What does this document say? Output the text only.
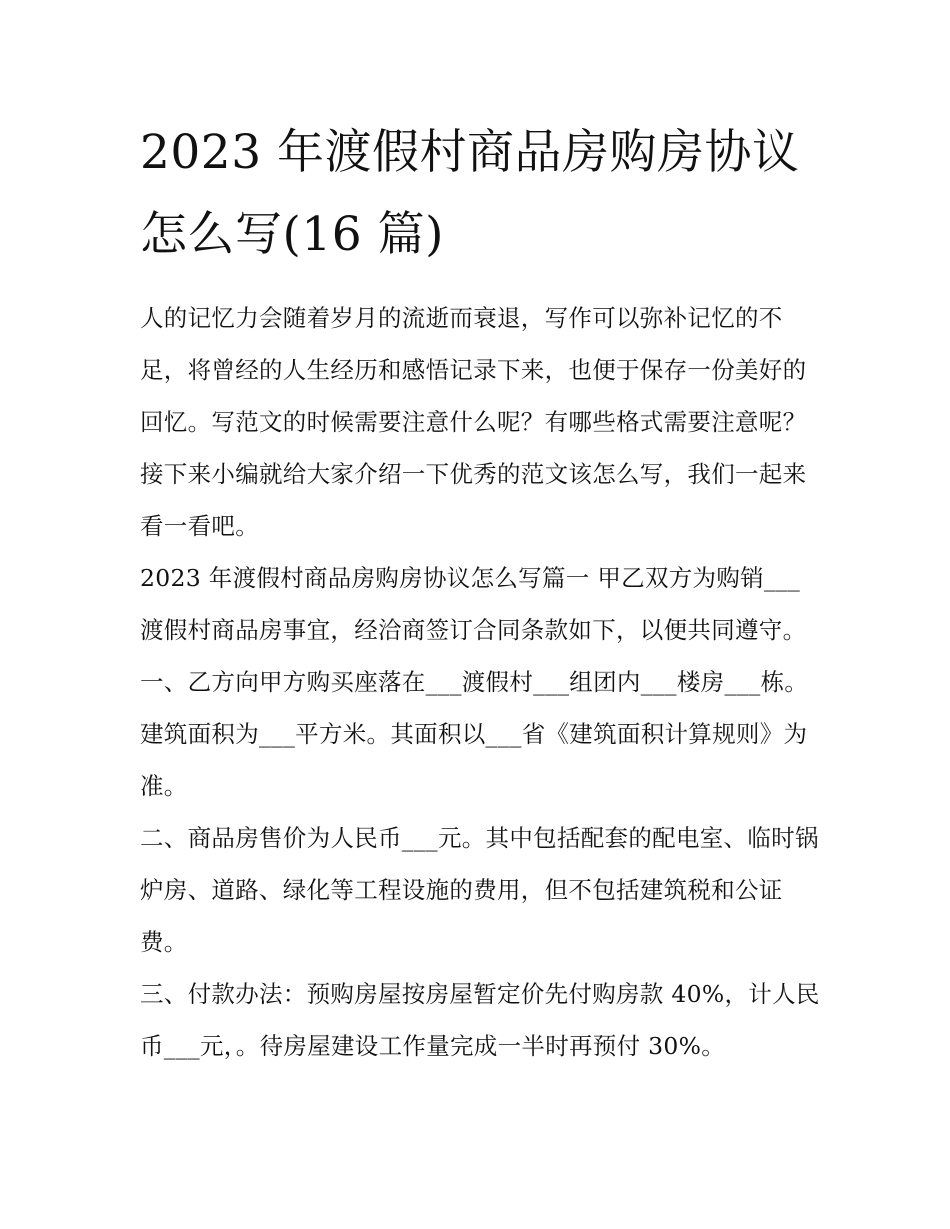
2023 年渡假村商品房购房协议
怎么写(16 篇)

人的记忆力会随着岁月的流逝而衰退，写作可以弥补记忆的不足，将曾经的人生经历和感悟记录下来，也便于保存一份美好的回忆。写范文的时候需要注意什么呢？有哪些格式需要注意呢？接下来小编就给大家介绍一下优秀的范文该怎么写，我们一起来看一看吧。

2023 年渡假村商品房购房协议怎么写篇一 甲乙双方为购销___渡假村商品房事宜，经洽商签订合同条款如下，以便共同遵守。

一、乙方向甲方购买座落在___渡假村___组团内___楼房___栋。建筑面积为___平方米。其面积以___省《建筑面积计算规则》为准。

二、商品房售价为人民币___元。其中包括配套的配电室、临时锅炉房、道路、绿化等工程设施的费用，但不包括建筑税和公证费。

三、付款办法：预购房屋按房屋暂定价先付购房款 40%，计人民币___元，。待房屋建设工作量完成一半时再预付 30%。
